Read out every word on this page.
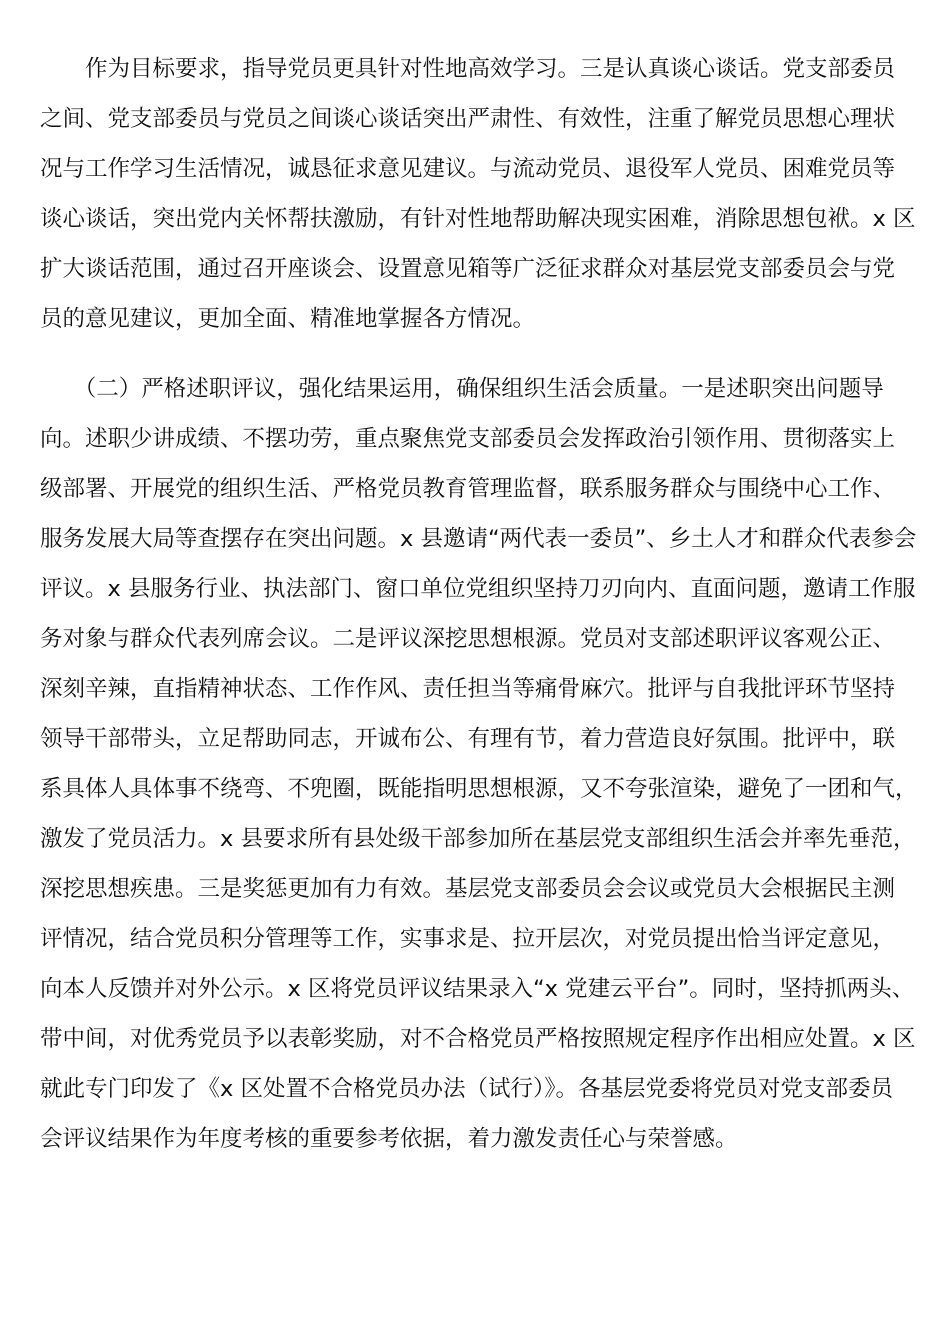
　　作为目标要求，指导党员更具针对性地高效学习。三是认真谈心谈话。党支部委员
之间、党支部委员与党员之间谈心谈话突出严肃性、有效性，注重了解党员思想心理状
况与工作学习生活情况，诚恳征求意见建议。与流动党员、退役军人党员、困难党员等
谈心谈话，突出党内关怀帮扶激励，有针对性地帮助解决现实困难，消除思想包袱。x 区
扩大谈话范围，通过召开座谈会、设置意见箱等广泛征求群众对基层党支部委员会与党
员的意见建议，更加全面、精准地掌握各方情况。
　　（二）严格述职评议，强化结果运用，确保组织生活会质量。一是述职突出问题导
向。述职少讲成绩、不摆功劳，重点聚焦党支部委员会发挥政治引领作用、贯彻落实上
级部署、开展党的组织生活、严格党员教育管理监督，联系服务群众与围绕中心工作、
服务发展大局等查摆存在突出问题。x 县邀请“两代表一委员”、乡土人才和群众代表参会
评议。x 县服务行业、执法部门、窗口单位党组织坚持刀刃向内、直面问题，邀请工作服
务对象与群众代表列席会议。二是评议深挖思想根源。党员对支部述职评议客观公正、
深刻辛辣，直指精神状态、工作作风、责任担当等痛骨麻穴。批评与自我批评环节坚持
领导干部带头，立足帮助同志，开诚布公、有理有节，着力营造良好氛围。批评中，联
系具体人具体事不绕弯、不兜圈，既能指明思想根源，又不夸张渲染，避免了一团和气，
激发了党员活力。x 县要求所有县处级干部参加所在基层党支部组织生活会并率先垂范，
深挖思想疾患。三是奖惩更加有力有效。基层党支部委员会会议或党员大会根据民主测
评情况，结合党员积分管理等工作，实事求是、拉开层次，对党员提出恰当评定意见，
向本人反馈并对外公示。x 区将党员评议结果录入“x 党建云平台”。同时，坚持抓两头、
带中间，对优秀党员予以表彰奖励，对不合格党员严格按照规定程序作出相应处置。x 区
就此专门印发了《x 区处置不合格党员办法（试行）》。各基层党委将党员对党支部委员
会评议结果作为年度考核的重要参考依据，着力激发责任心与荣誉感。
